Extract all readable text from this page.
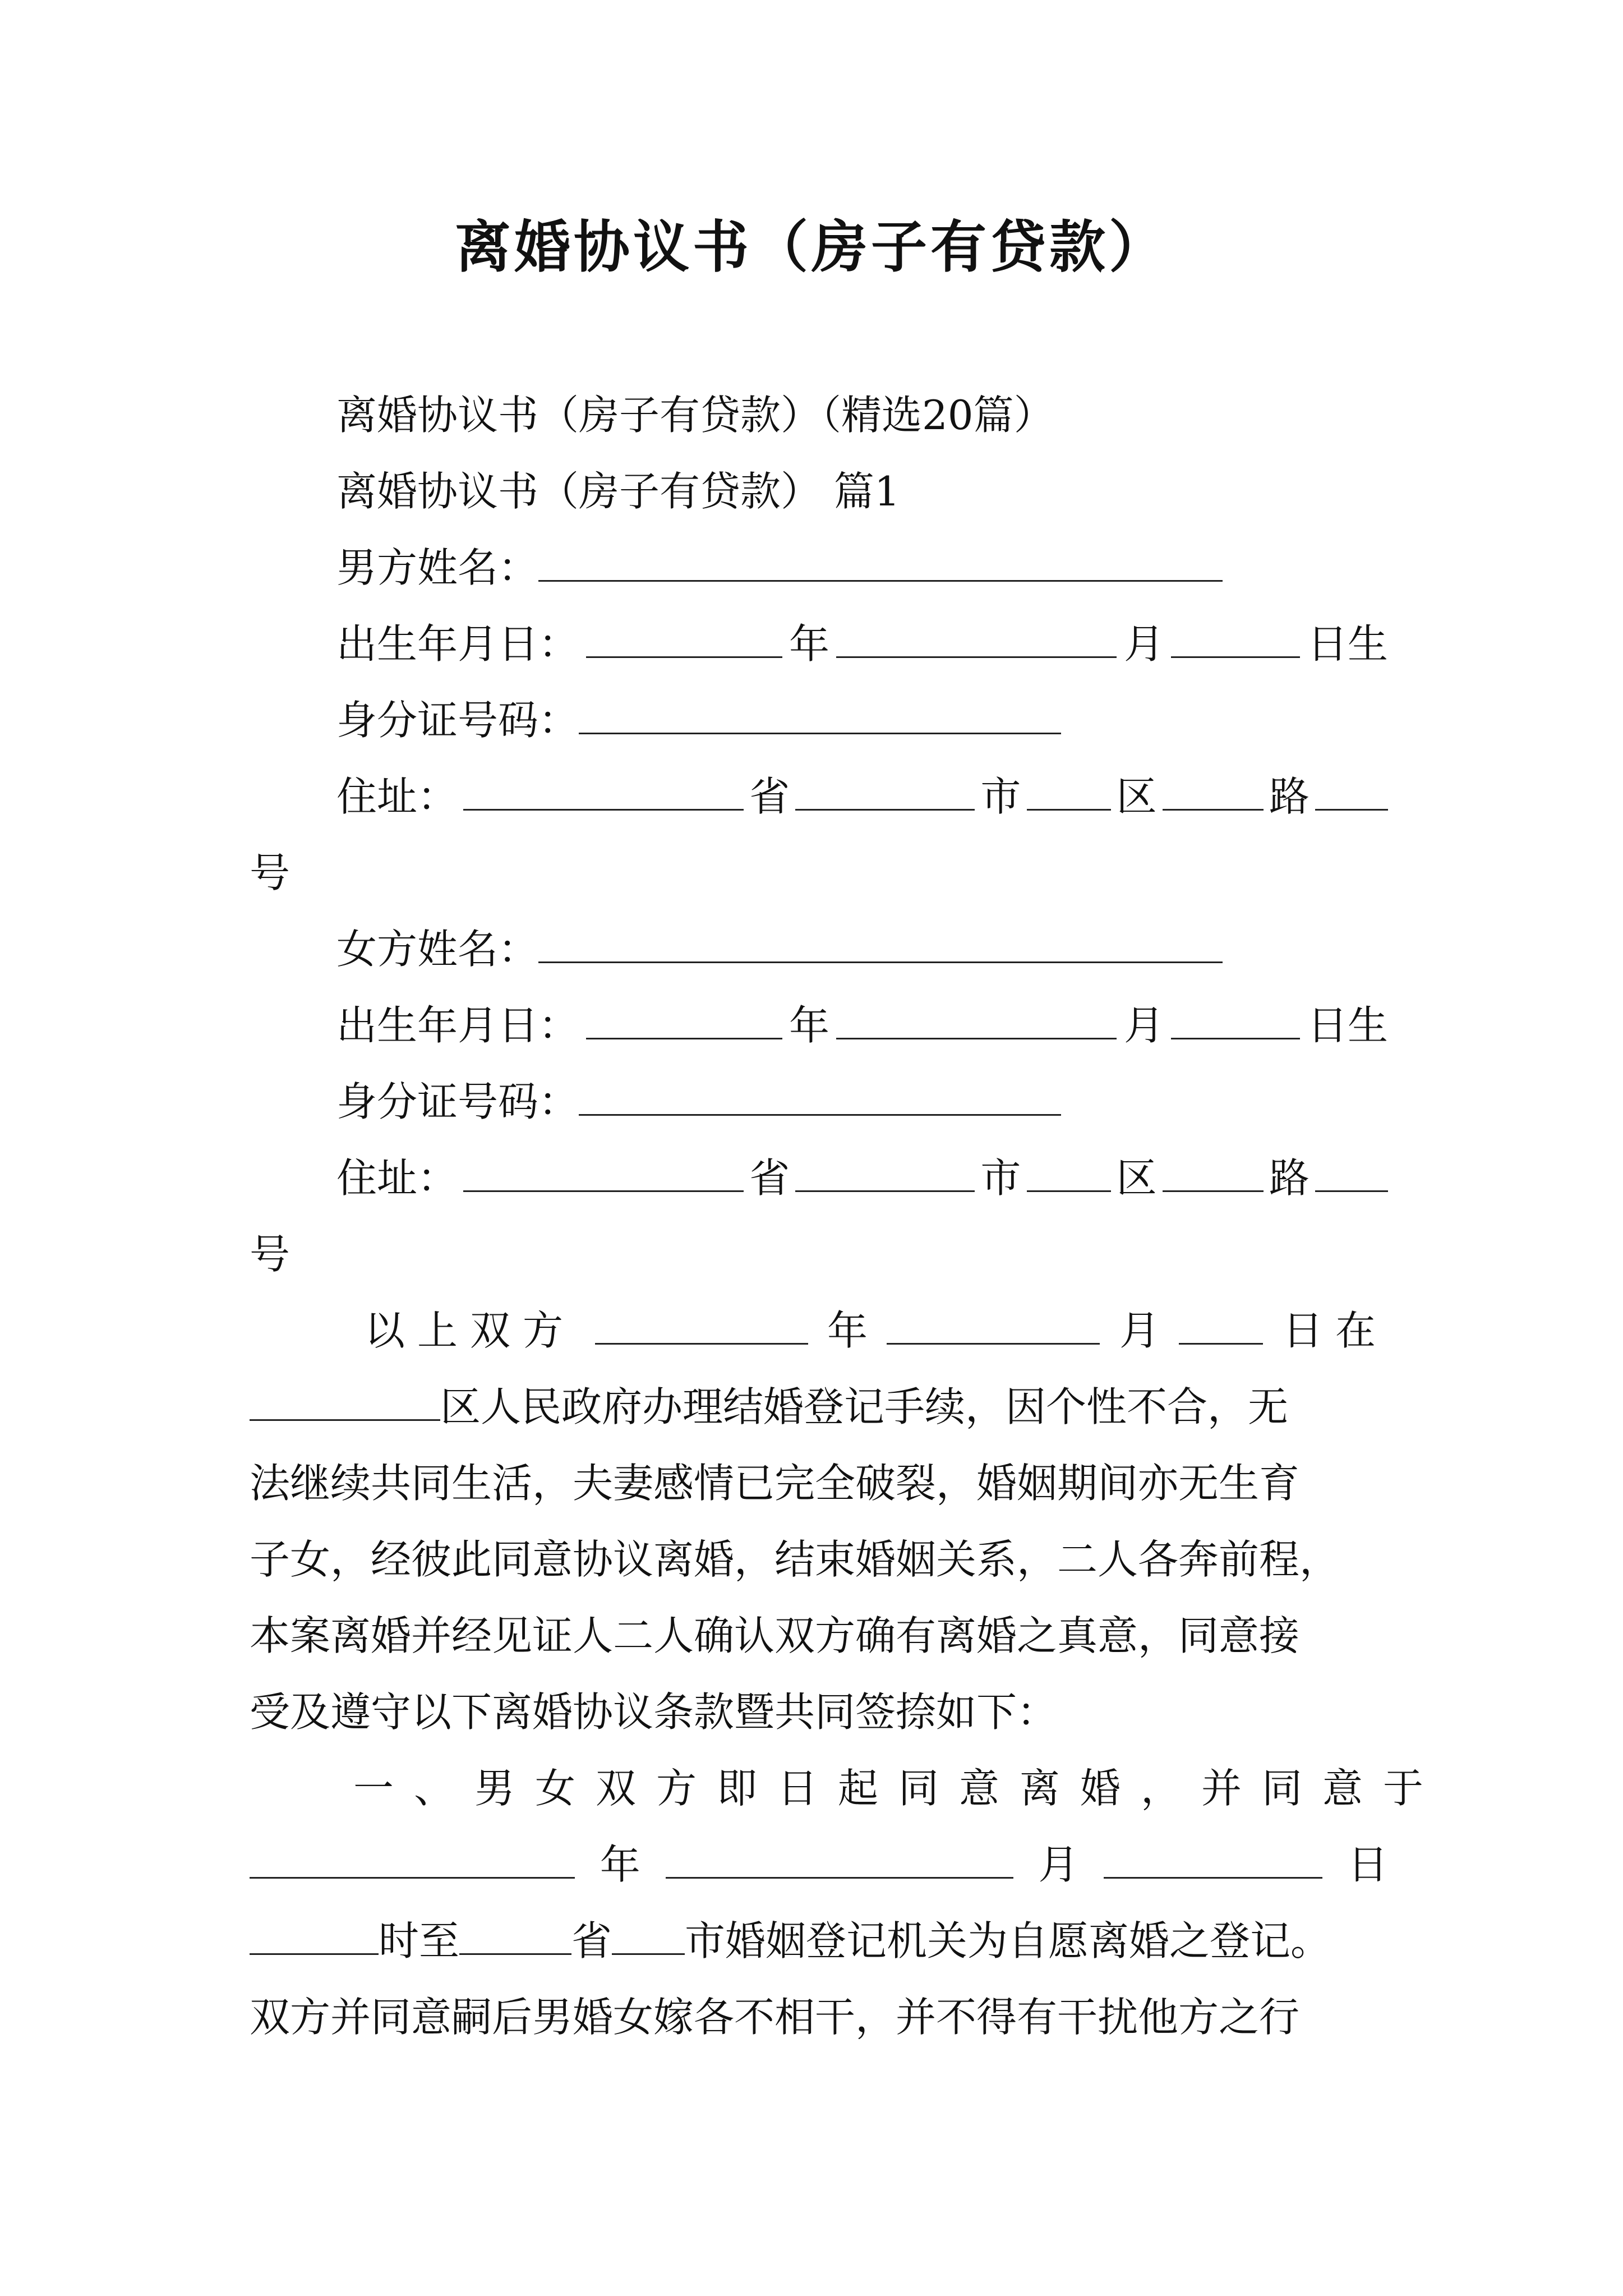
离婚协议书（房子有贷款）
离婚协议书（房子有贷款）（精选20篇）
离婚协议书（房子有贷款） 篇1
男方姓名：
出生年月日：	年	月	日生
身分证号码：
住址：	省	市 区	路
号
女方姓名：
出生年月日：	年	月	日生
身分证号码：
住址：	省	市 区	路
号
以上双方	年	月	日在
区人民政府办理结婚登记手续，因个性不合，无
法继续共同生活，夫妻感情已完全破裂，婚姻期间亦无生育
子女，经彼此同意协议离婚，结束婚姻关系，二人各奔前程，
本案离婚并经见证人二人确认双方确有离婚之真意，同意接
受及遵守以下离婚协议条款暨共同签捺如下：
一、男女双方即日起同意离婚，并同意于
年	月	日
时至	省 市婚姻登记机关为自愿离婚之登记。
双方并同意嗣后男婚女嫁各不相干，并不得有干扰他方之行
